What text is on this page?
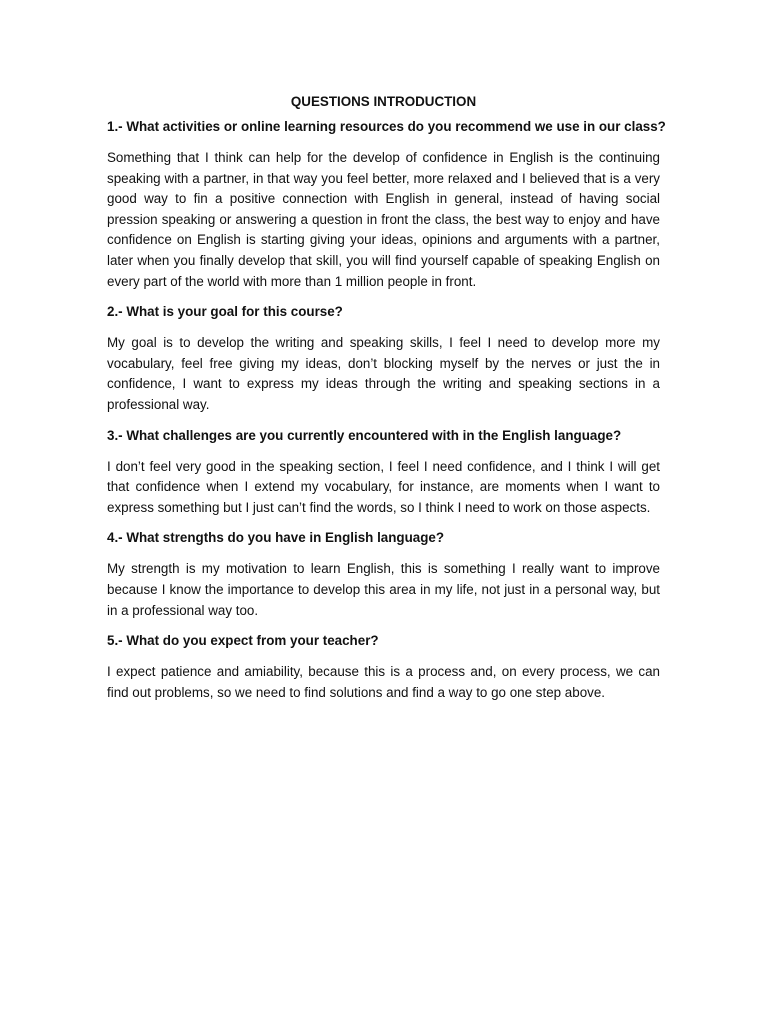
QUESTIONS INTRODUCTION
1.- What activities or online learning resources do you recommend we use in our class?
Something that I think can help for the develop of confidence in English is the continuing speaking with a partner, in that way you feel better, more relaxed and I believed that is a very good way to fin a positive connection with English in general, instead of having social pression speaking or answering a question in front the class, the best way to enjoy and have confidence on English is starting giving your ideas, opinions and arguments with a partner, later when you finally develop that skill, you will find yourself capable of speaking English on every part of the world with more than 1 million people in front.
2.- What is your goal for this course?
My goal is to develop the writing and speaking skills, I feel I need to develop more my vocabulary, feel free giving my ideas, don’t blocking myself by the nerves or just the in confidence, I want to express my ideas through the writing and speaking sections in a professional way.
3.- What challenges are you currently encountered with in the English language?
I don’t feel very good in the speaking section, I feel I need confidence, and I think I will get that confidence when I extend my vocabulary, for instance, are moments when I want to express something but I just can’t find the words, so I think I need to work on those aspects.
4.- What strengths do you have in English language?
My strength is my motivation to learn English, this is something I really want to improve because I know the importance to develop this area in my life, not just in a personal way, but in a professional way too.
5.- What do you expect from your teacher?
I expect patience and amiability, because this is a process and, on every process, we can find out problems, so we need to find solutions and find a way to go one step above.
